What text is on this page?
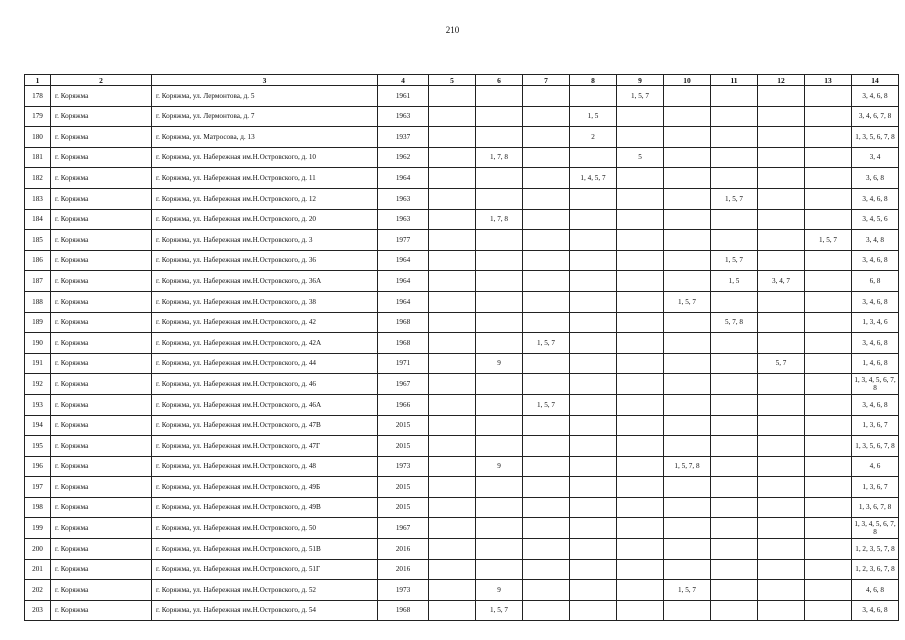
210
1	2	3	4	5	6	7	8	9	10	11	12	13	14
178	г. Коряжма	г. Коряжма, ул. Лермонтова, д. 5	1961					1, 5, 7					3, 4, 6, 8
179	г. Коряжма	г. Коряжма, ул. Лермонтова, д. 7	1963				1, 5						3, 4, 6, 7, 8
180	г. Коряжма	г. Коряжма, ул. Матросова, д. 13	1937				2						1, 3, 5, 6, 7, 8
181	г. Коряжма	г. Коряжма, ул. Набережная им.Н.Островского, д. 10	1962		1, 7, 8			5					3, 4
182	г. Коряжма	г. Коряжма, ул. Набережная им.Н.Островского, д. 11	1964				1, 4, 5, 7						3, 6, 8
183	г. Коряжма	г. Коряжма, ул. Набережная им.Н.Островского, д. 12	1963							1, 5, 7			3, 4, 6, 8
184	г. Коряжма	г. Коряжма, ул. Набережная им.Н.Островского, д. 20	1963		1, 7, 8								3, 4, 5, 6
185	г. Коряжма	г. Коряжма, ул. Набережная им.Н.Островского, д. 3	1977									1, 5, 7	3, 4, 8
186	г. Коряжма	г. Коряжма, ул. Набережная им.Н.Островского, д. 36	1964							1, 5, 7			3, 4, 6, 8
187	г. Коряжма	г. Коряжма, ул. Набережная им.Н.Островского, д. 36А	1964							1, 5	3, 4, 7		6, 8
188	г. Коряжма	г. Коряжма, ул. Набережная им.Н.Островского, д. 38	1964						1, 5, 7				3, 4, 6, 8
189	г. Коряжма	г. Коряжма, ул. Набережная им.Н.Островского, д. 42	1968							5, 7, 8			1, 3, 4, 6
190	г. Коряжма	г. Коряжма, ул. Набережная им.Н.Островского, д. 42А	1968			1, 5, 7							3, 4, 6, 8
191	г. Коряжма	г. Коряжма, ул. Набережная им.Н.Островского, д. 44	1971		9						5, 7		1, 4, 6, 8
192	г. Коряжма	г. Коряжма, ул. Набережная им.Н.Островского, д. 46	1967										1, 3, 4, 5, 6, 7, 8
193	г. Коряжма	г. Коряжма, ул. Набережная им.Н.Островского, д. 46А	1966			1, 5, 7							3, 4, 6, 8
194	г. Коряжма	г. Коряжма, ул. Набережная им.Н.Островского, д. 47В	2015										1, 3, 6, 7
195	г. Коряжма	г. Коряжма, ул. Набережная им.Н.Островского, д. 47Г	2015										1, 3, 5, 6, 7, 8
196	г. Коряжма	г. Коряжма, ул. Набережная им.Н.Островского, д. 48	1973		9				1, 5, 7, 8				4, 6
197	г. Коряжма	г. Коряжма, ул. Набережная им.Н.Островского, д. 49Б	2015										1, 3, 6, 7
198	г. Коряжма	г. Коряжма, ул. Набережная им.Н.Островского, д. 49В	2015										1, 3, 6, 7, 8
199	г. Коряжма	г. Коряжма, ул. Набережная им.Н.Островского, д. 50	1967										1, 3, 4, 5, 6, 7, 8
200	г. Коряжма	г. Коряжма, ул. Набережная им.Н.Островского, д. 51В	2016										1, 2, 3, 5, 7, 8
201	г. Коряжма	г. Коряжма, ул. Набережная им.Н.Островского, д. 51Г	2016										1, 2, 3, 6, 7, 8
202	г. Коряжма	г. Коряжма, ул. Набережная им.Н.Островского, д. 52	1973		9				1, 5, 7				4, 6, 8
203	г. Коряжма	г. Коряжма, ул. Набережная им.Н.Островского, д. 54	1968		1, 5, 7								3, 4, 6, 8
